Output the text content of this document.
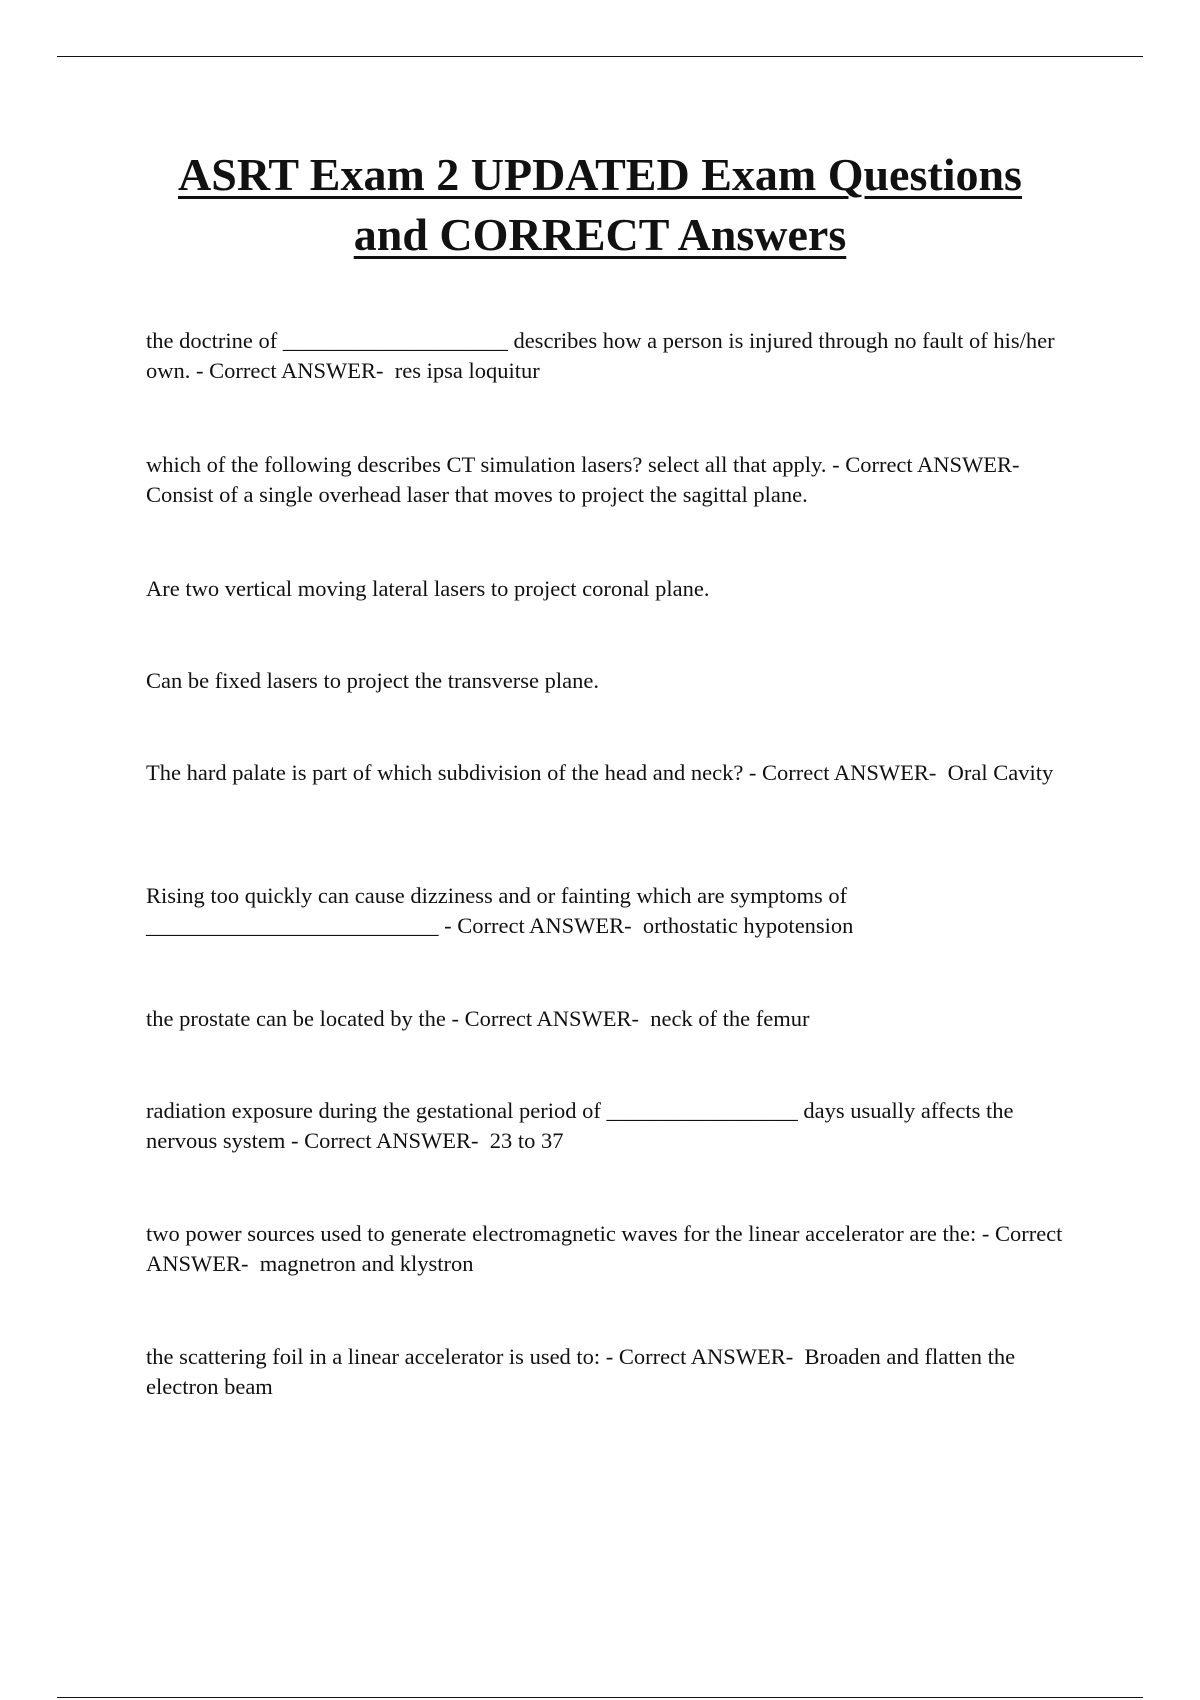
ASRT Exam 2 UPDATED Exam Questions
and CORRECT Answers

the doctrine of ____________________ describes how a person is injured through no fault of his/her own. - Correct ANSWER-  res ipsa loquitur

which of the following describes CT simulation lasers? select all that apply. - Correct ANSWER- Consist of a single overhead laser that moves to project the sagittal plane.

Are two vertical moving lateral lasers to project coronal plane.

Can be fixed lasers to project the transverse plane.

The hard palate is part of which subdivision of the head and neck? - Correct ANSWER-  Oral Cavity

Rising too quickly can cause dizziness and or fainting which are symptoms of __________________________ - Correct ANSWER-  orthostatic hypotension

the prostate can be located by the - Correct ANSWER-  neck of the femur

radiation exposure during the gestational period of _________________ days usually affects the nervous system - Correct ANSWER-  23 to 37

two power sources used to generate electromagnetic waves for the linear accelerator are the: - Correct ANSWER-  magnetron and klystron

the scattering foil in a linear accelerator is used to: - Correct ANSWER-  Broaden and flatten the electron beam
